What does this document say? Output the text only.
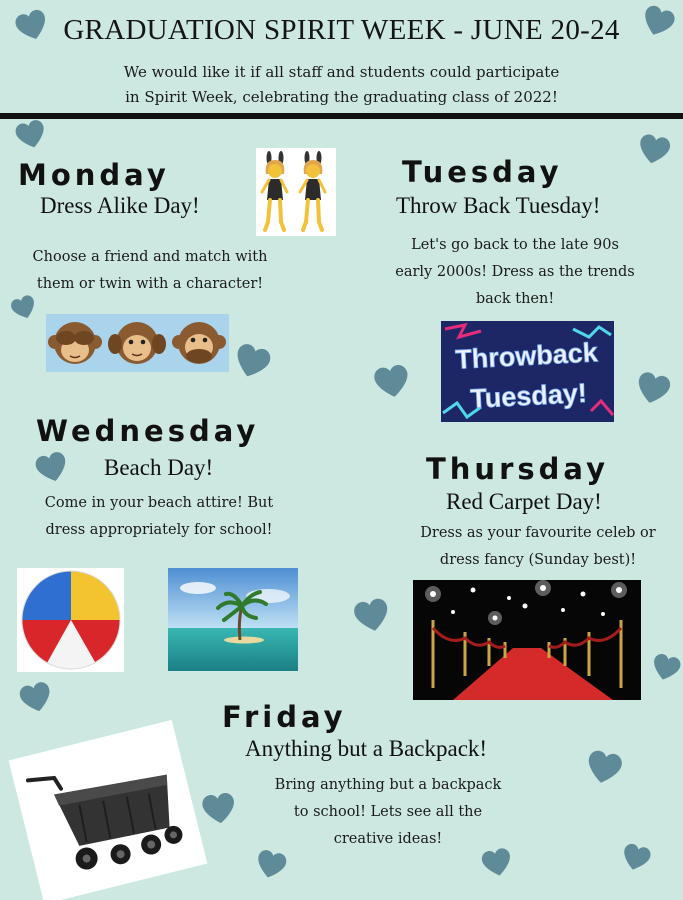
GRADUATION SPIRIT WEEK - JUNE 20-24
We would like it if all staff and students could participate
in Spirit Week, celebrating the graduating class of 2022!
Monday
Dress Alike Day!
Choose a friend and match with
them or twin with a character!
Tuesday
Throw Back Tuesday!
Let's go back to the late 90s
early 2000s! Dress as the trends
back then!
Throwback
Tuesday!
Wednesday
Beach Day!
Come in your beach attire! But
dress appropriately for school!
Thursday
Red Carpet Day!
Dress as your favourite celeb or
dress fancy (Sunday best)!
Friday
Anything but a Backpack!
Bring anything but a backpack
to school! Lets see all the
creative ideas!
